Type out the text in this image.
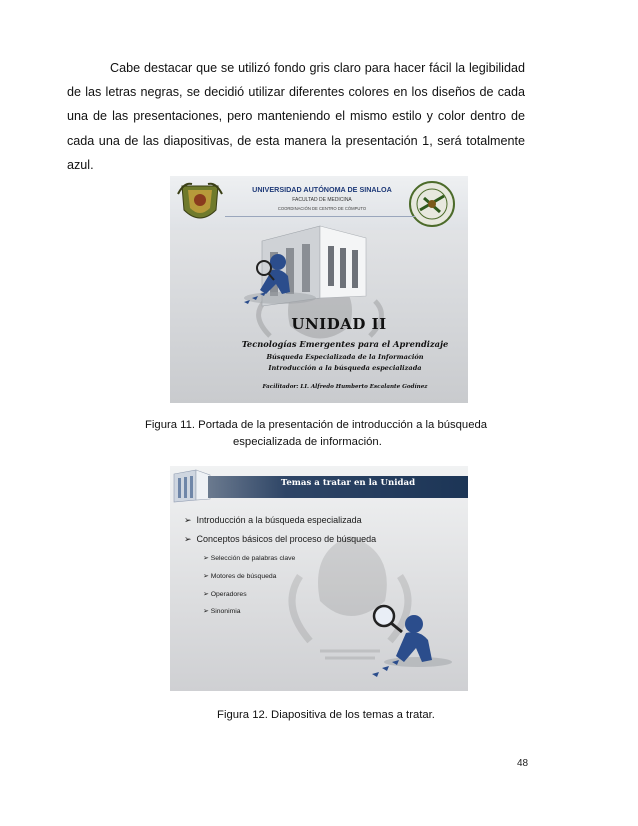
Cabe destacar que se utilizó fondo gris claro para hacer fácil la legibilidad de las letras negras, se decidió utilizar diferentes colores en los diseños de cada una de las presentaciones, pero manteniendo el mismo estilo y color dentro de cada una de las diapositivas, de esta manera la presentación 1, será totalmente azul.

UNIVERSIDAD AUTÓNOMA DE SINALOA
FACULTAD DE MEDICINA
COORDINACIÓN DE CENTRO DE CÓMPUTO
UNIDAD II
Tecnologías Emergentes para el Aprendizaje
Búsqueda Especializada de la Información
Introducción a la búsqueda especializada
Facilitador: LI. Alfredo Humberto Escalante Godínez

Figura 11. Portada de la presentación de introducción a la búsqueda
especializada de información.

Temas a tratar en la Unidad
➢ Introducción a la búsqueda especializada
➢ Conceptos básicos del proceso de búsqueda
➢ Selección de palabras clave
➢ Motores de búsqueda
➢ Operadores
➢ Sinonimia

Figura 12. Diapositiva de los temas a tratar.

48
